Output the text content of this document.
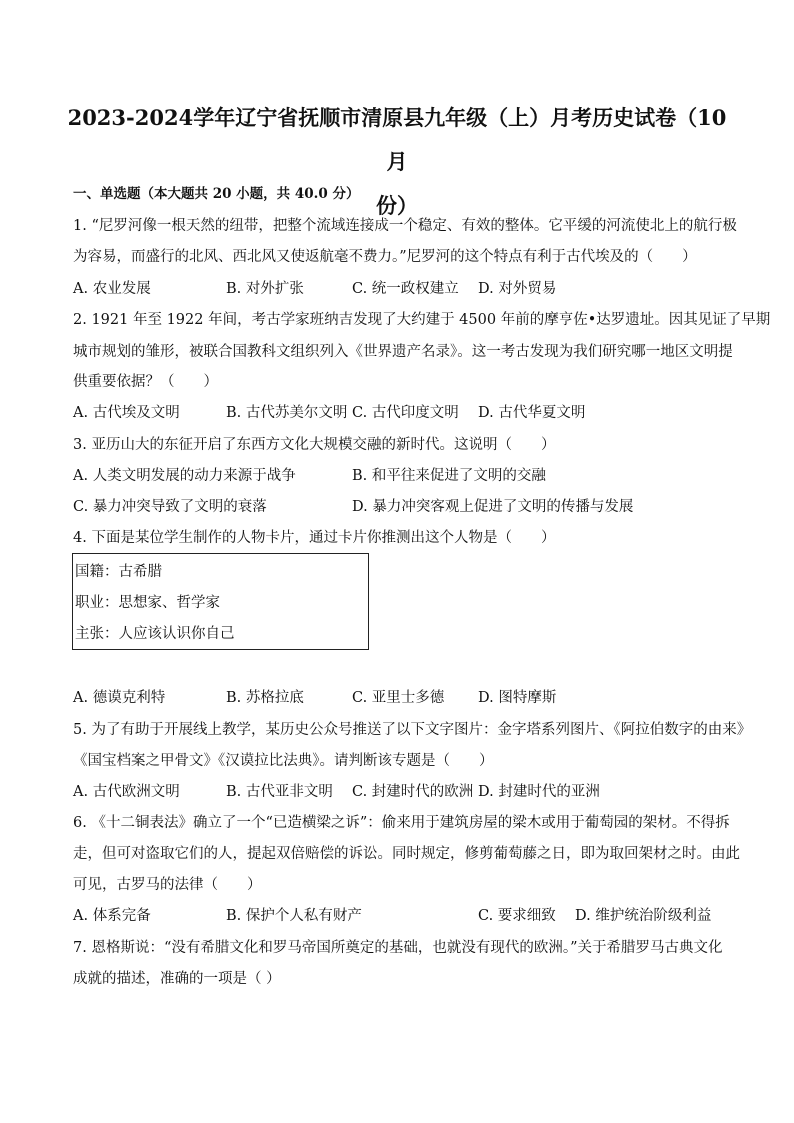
2023-2024学年辽宁省抚顺市清原县九年级（上）月考历史试卷（10月
份）
一、单选题（本大题共 20 小题，共 40.0 分）
1. “尼罗河像一根天然的纽带，把整个流域连接成一个稳定、有效的整体。它平缓的河流使北上的航行极
为容易，而盛行的北风、西北风又使返航毫不费力。”尼罗河的这个特点有利于古代埃及的（　　）
A. 农业发展	B. 对外扩张	C. 统一政权建立 D. 对外贸易
2. 1921 年至 1922 年间，考古学家班纳吉发现了大约建于 4500 年前的摩亨佐•达罗遗址。因其见证了早期
城市规划的雏形，被联合国教科文组织列入《世界遗产名录》。这一考古发现为我们研究哪一地区文明提
供重要依据？（　　）
A. 古代埃及文明	B. 古代苏美尔文明 C. 古代印度文明 D. 古代华夏文明
3. 亚历山大的东征开启了东西方文化大规模交融的新时代。这说明（　　）
A. 人类文明发展的动力来源于战争	B. 和平往来促进了文明的交融
C. 暴力冲突导致了文明的衰落	D. 暴力冲突客观上促进了文明的传播与发展
4. 下面是某位学生制作的人物卡片，通过卡片你推测出这个人物是（　　）
国籍：古希腊
职业：思想家、哲学家
主张：人应该认识你自己
A. 德谟克利特	B. 苏格拉底	C. 亚里士多德 D. 图特摩斯
5. 为了有助于开展线上教学，某历史公众号推送了以下文字图片：金字塔系列图片、《阿拉伯数字的由来》
《国宝档案之甲骨文》《汉谟拉比法典》。请判断该专题是（　　）
A. 古代欧洲文明	B. 古代亚非文明 C. 封建时代的欧洲 D. 封建时代的亚洲
6. 《十二铜表法》确立了一个“已造横梁之诉”：偷来用于建筑房屋的梁木或用于葡萄园的架材。不得拆
走，但可对盗取它们的人，提起双倍赔偿的诉讼。同时规定，修剪葡萄藤之日，即为取回架材之时。由此
可见，古罗马的法律（　　）
A. 体系完备	B. 保护个人私有财产	C. 要求细致 D. 维护统治阶级利益
7. 恩格斯说：“没有希腊文化和罗马帝国所奠定的基础，也就没有现代的欧洲。”关于希腊罗马古典文化
成就的描述，准确的一项是（ ）
